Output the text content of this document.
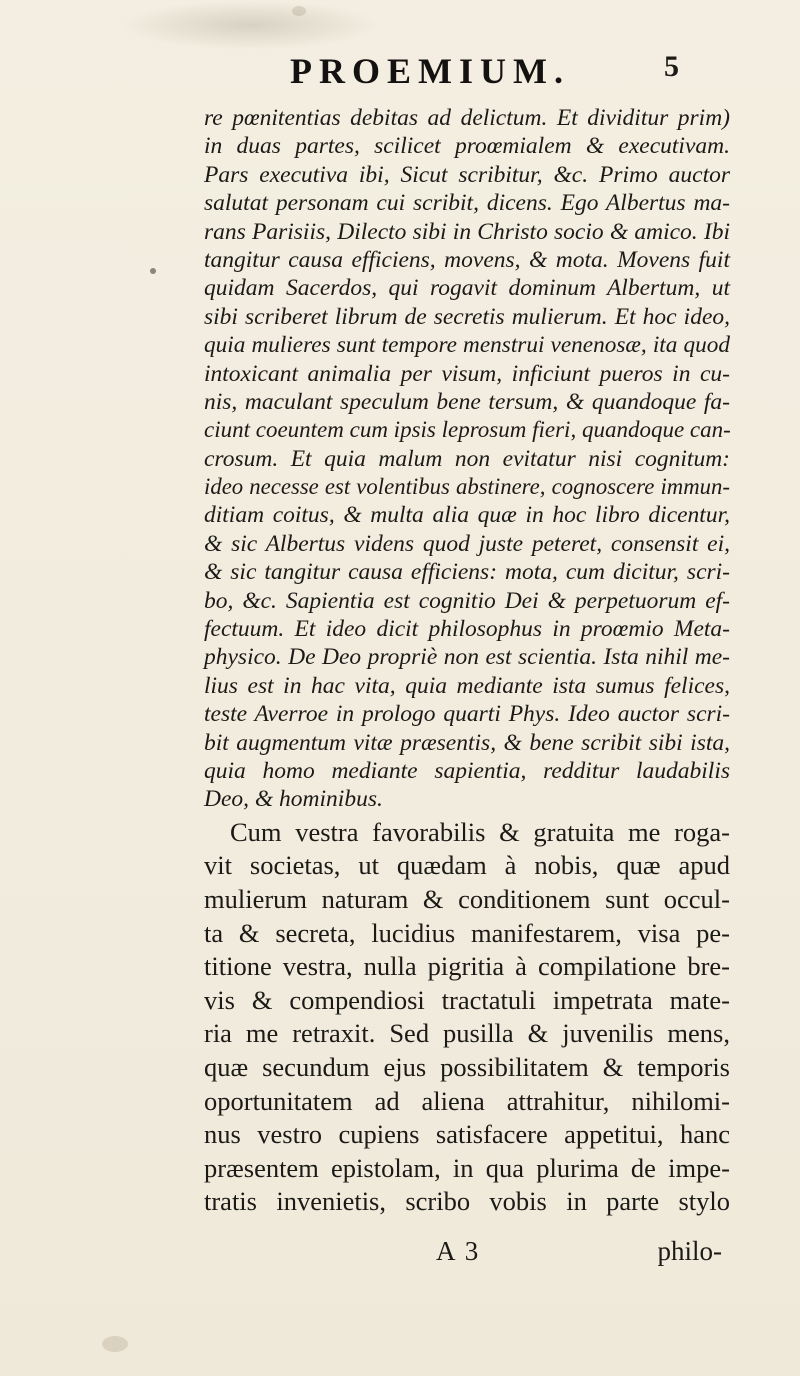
PROEMIUM.	5
re pœnitentias debitas ad delictum. Et dividitur prim)
in duas partes, scilicet proœmialem & executivam.
Pars executiva ibi, Sicut scribitur, &c. Primo auctor
salutat personam cui scribit, dicens. Ego Albertus ma-
rans Parisiis, Dilecto sibi in Christo socio & amico. Ibi
tangitur causa efficiens, movens, & mota. Movens fuit
quidam Sacerdos, qui rogavit dominum Albertum, ut
sibi scriberet librum de secretis mulierum. Et hoc ideo,
quia mulieres sunt tempore menstrui venenosæ, ita quod
intoxicant animalia per visum, inficiunt pueros in cu-
nis, maculant speculum bene tersum, & quandoque fa-
ciunt coeuntem cum ipsis leprosum fieri, quandoque can-
crosum. Et quia malum non evitatur nisi cognitum:
ideo necesse est volentibus abstinere, cognoscere immun-
ditiam coitus, & multa alia quæ in hoc libro dicentur,
& sic Albertus videns quod juste peteret, consensit ei,
& sic tangitur causa efficiens: mota, cum dicitur, scri-
bo, &c. Sapientia est cognitio Dei & perpetuorum ef-
fectuum. Et ideo dicit philosophus in proœmio Meta-
physico. De Deo propriè non est scientia. Ista nihil me-
lius est in hac vita, quia mediante ista sumus felices,
teste Averroe in prologo quarti Phys. Ideo auctor scri-
bit augmentum vitæ præsentis, & bene scribit sibi ista,
quia homo mediante sapientia, redditur laudabilis
Deo, & hominibus.
Cum vestra favorabilis & gratuita me roga-
vit societas, ut quædam à nobis, quæ apud
mulierum naturam & conditionem sunt occul-
ta & secreta, lucidius manifestarem, visa pe-
titione vestra, nulla pigritia à compilatione bre-
vis & compendiosi tractatuli impetrata mate-
ria me retraxit. Sed pusilla & juvenilis mens,
quæ secundum ejus possibilitatem & temporis
oportunitatem ad aliena attrahitur, nihilomi-
nus vestro cupiens satisfacere appetitui, hanc
præsentem epistolam, in qua plurima de impe-
tratis invenietis, scribo vobis in parte stylo
A 3	philo-
